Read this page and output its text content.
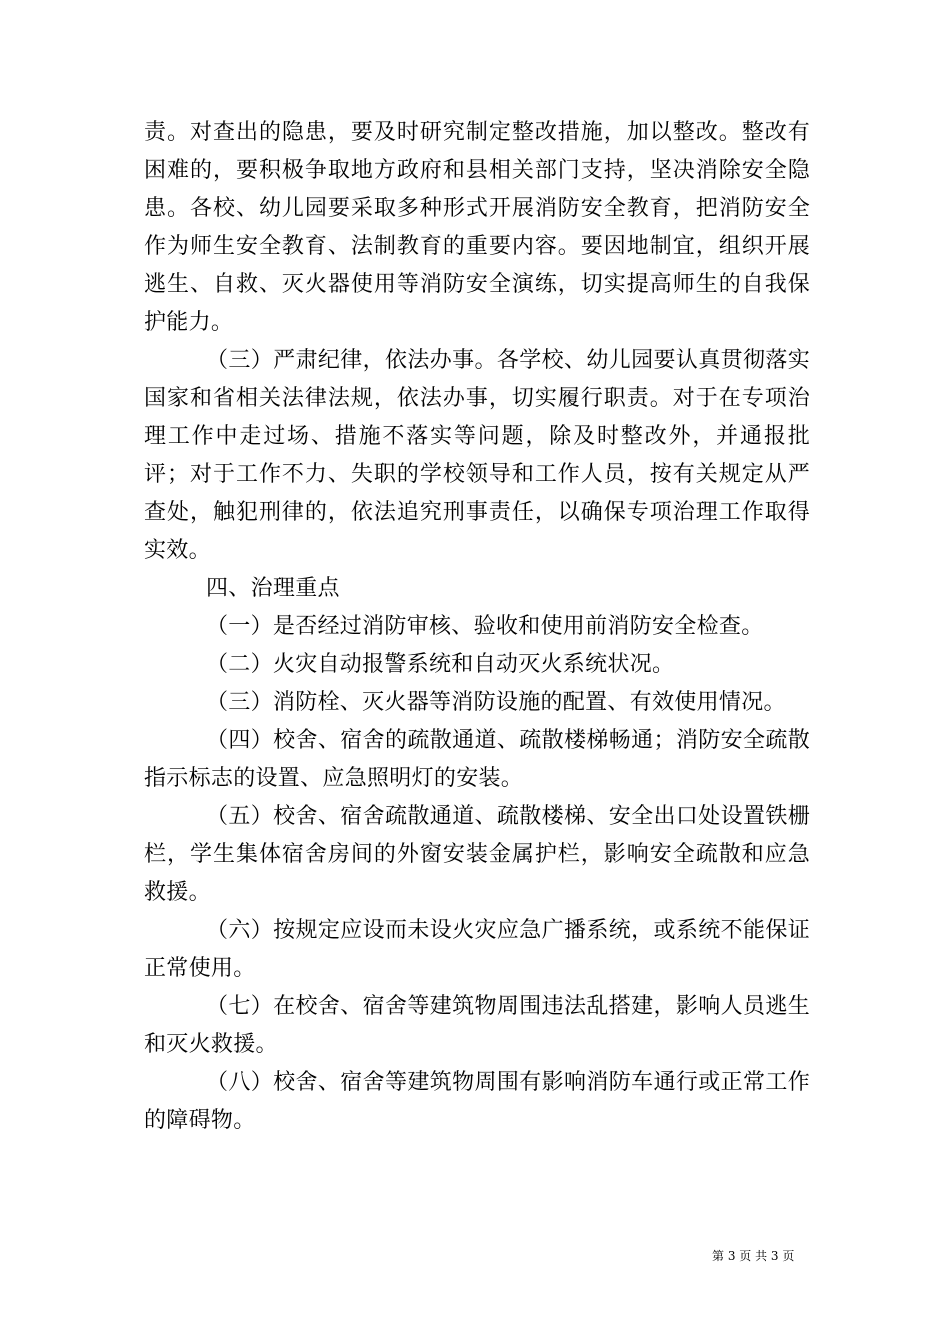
责。对查出的隐患，要及时研究制定整改措施，加以整改。整改有困难的，要积极争取地方政府和县相关部门支持，坚决消除安全隐患。各校、幼儿园要采取多种形式开展消防安全教育，把消防安全作为师生安全教育、法制教育的重要内容。要因地制宜，组织开展逃生、自救、灭火器使用等消防安全演练，切实提高师生的自我保护能力。

（三）严肃纪律，依法办事。各学校、幼儿园要认真贯彻落实国家和省相关法律法规，依法办事，切实履行职责。对于在专项治理工作中走过场、措施不落实等问题，除及时整改外，并通报批评；对于工作不力、失职的学校领导和工作人员，按有关规定从严查处，触犯刑律的，依法追究刑事责任，以确保专项治理工作取得实效。

四、治理重点

（一）是否经过消防审核、验收和使用前消防安全检查。

（二）火灾自动报警系统和自动灭火系统状况。

（三）消防栓、灭火器等消防设施的配置、有效使用情况。

（四）校舍、宿舍的疏散通道、疏散楼梯畅通；消防安全疏散指示标志的设置、应急照明灯的安装。

（五）校舍、宿舍疏散通道、疏散楼梯、安全出口处设置铁栅栏，学生集体宿舍房间的外窗安装金属护栏，影响安全疏散和应急救援。

（六）按规定应设而未设火灾应急广播系统，或系统不能保证正常使用。

（七）在校舍、宿舍等建筑物周围违法乱搭建，影响人员逃生和灭火救援。

（八）校舍、宿舍等建筑物周围有影响消防车通行或正常工作的障碍物。

第 3 页 共 3 页
